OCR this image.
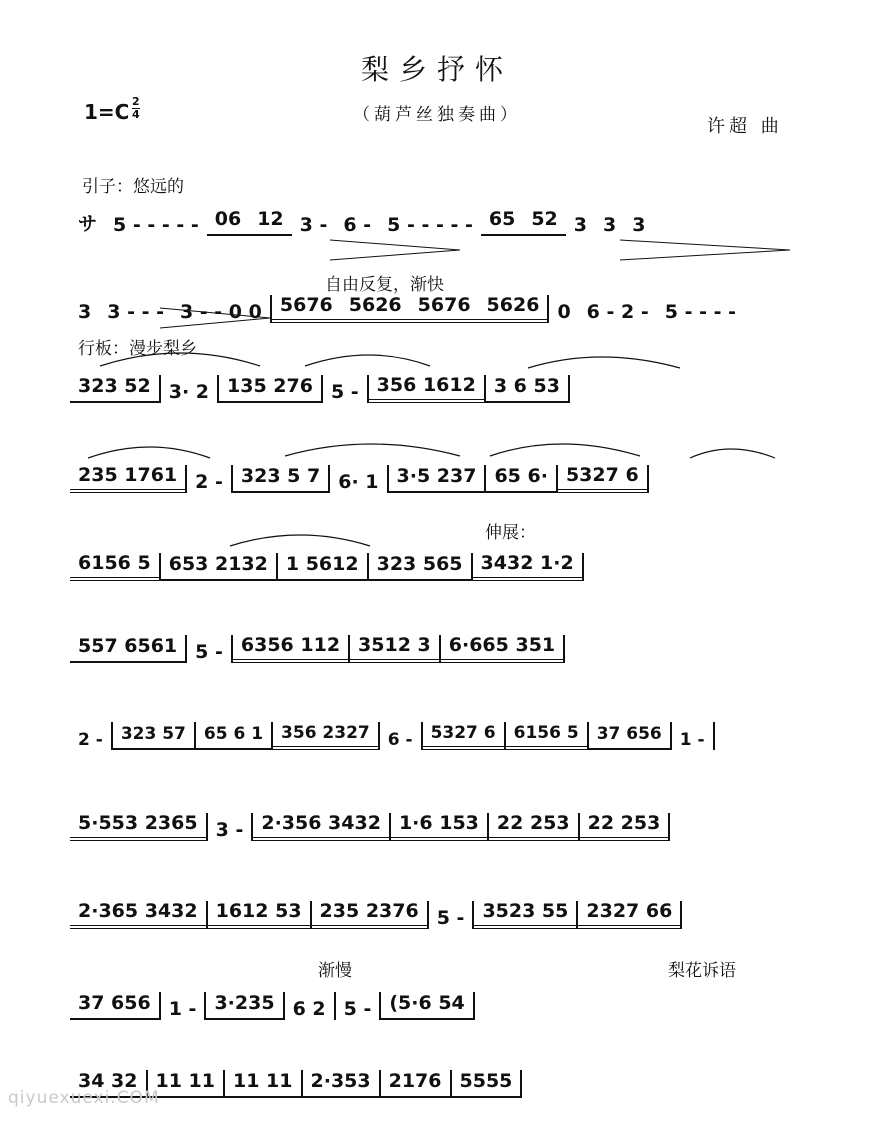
梨乡抒怀
（葫芦丝独奏曲）
1=C 2
4
许超 曲
引子：悠远的
自由反复，渐快
行板：漫步梨乡
伸展：
渐慢	梨花诉语
サ 5 - - - - - 06 12 3 - 6 - 5 - - - - - 65 52 3 3 3
3 3 - - - 3 - - 0 0 5676 5626 5676 5626 0 6 - 2 - 5 - - - -
323 52 3· 2 135 276 5 - 356 1612 3 6 53
235 1761 2 - 323 5 7 6· 1 3·5 237 65 6· 5327 6
6156 5 653 2132 1 5612 323 565 3432 1·2
557 6561 5 - 6356 112 3512 3 6·665 351
2 -	323 57	65 6 1	356 2327	6 -	5327 6	6156 5	37 656	1 -
5·553 2365 3 - 2·356 3432 1·6 153 22 253 22 253
2·365 3432 1612 53 235 2376 5 - 3523 55 2327 66
37 656 1 - 3·235 6 2 5 - (5·6 54
34 32 11 11 11 11 2·353 2176 5555
qiyuexuexi.COM
